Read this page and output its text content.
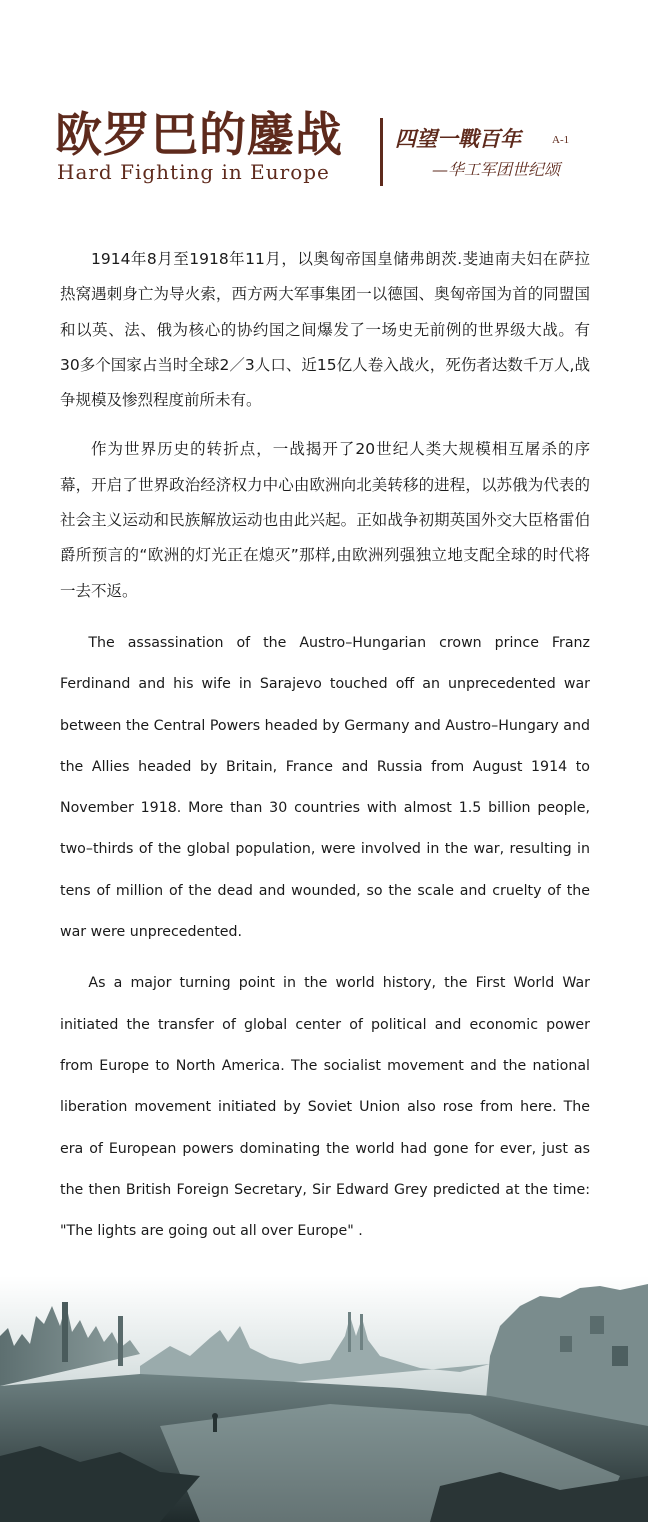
欧罗巴的鏖战
Hard Fighting in Europe
四望一戰百年	A-1
—华工军团世纪颂

1914年8月至1918年11月，以奥匈帝国皇储弗朗茨.斐迪南夫妇在萨拉热窝遇刺身亡为导火索，西方两大军事集团一以德国、奥匈帝国为首的同盟国和以英、法、俄为核心的协约国之间爆发了一场史无前例的世界级大战。有30多个国家占当时全球2／3人口、近15亿人卷入战火，死伤者达数千万人,战争规模及惨烈程度前所未有。

作为世界历史的转折点，一战揭开了20世纪人类大规模相互屠杀的序幕，开启了世界政治经济权力中心由欧洲向北美转移的进程，以苏俄为代表的社会主义运动和民族解放运动也由此兴起。正如战争初期英国外交大臣格雷伯爵所预言的“欧洲的灯光正在熄灭”那样,由欧洲列强独立地支配全球的时代将一去不返。

The assassination of the Austro–Hungarian crown prince Franz Ferdinand and his wife in Sarajevo touched off an unprecedented war between the Central Powers headed by Germany and Austro–Hungary and the Allies headed by Britain, France and Russia from August 1914 to November 1918. More than 30 countries with almost 1.5 billion people, two–thirds of the global population, were involved in the war, resulting in tens of million of the dead and wounded, so the scale and cruelty of the war were unprecedented.

As a major turning point in the world history, the First World War initiated the transfer of global center of political and economic power from Europe to North America. The socialist movement and the national liberation movement initiated by Soviet Union also rose from here. The era of European powers dominating the world had gone for ever, just as the then British Foreign Secretary, Sir Edward Grey predicted at the time: "The lights are going out all over Europe" .
